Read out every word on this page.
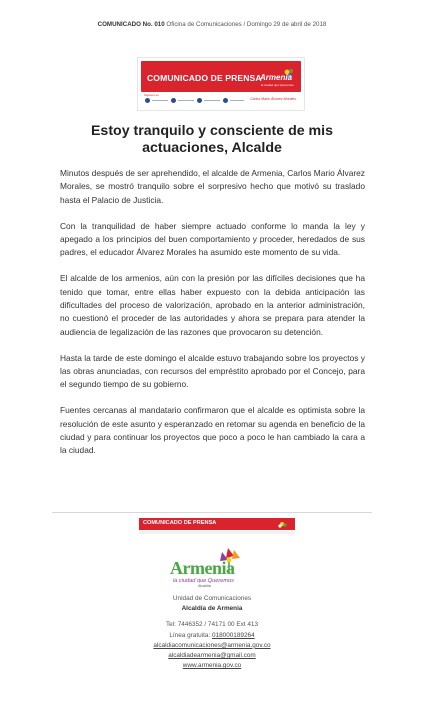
COMUNICADO No. 010 Oficina de Comunicaciones / Domingo 29 de abril de 2018
COMUNICADO DE PRENSA
Armenia
la ciudad que Queremos
Siganos en
Carlos Mario Álvarez Morales
Estoy tranquilo y consciente de mis actuaciones, Alcalde

Minutos después de ser aprehendido, el alcalde de Armenia, Carlos Mario Álvarez Morales, se mostró tranquilo sobre el sorpresivo hecho que motivó su traslado hasta el Palacio de Justicia.

Con la tranquilidad de haber siempre actuado conforme lo manda la ley y apegado a los principios del buen comportamiento y proceder, heredados de sus padres, el educador Álvarez Morales ha asumido este momento de su vida.

El alcalde de los armenios, aún con la presión por las difíciles decisiones que ha tenido que tomar, entre ellas haber expuesto con la debida anticipación las dificultades del proceso de valorización, aprobado en la anterior administración, no cuestionó el proceder de las autoridades y ahora se prepara para atender la audiencia de legalización de las razones que provocaron su detención.

Hasta la tarde de este domingo el alcalde estuvo trabajando sobre los proyectos y las obras anunciadas, con recursos del empréstito aprobado por el Concejo, para el segundo tiempo de su gobierno.

Fuentes cercanas al mandatario confirmaron que el alcalde es optimista sobre la resolución de este asunto y esperanzado en retomar su agenda en beneficio de la ciudad y para continuar los proyectos que poco a poco le han cambiado la cara a la ciudad.

COMUNICADO DE PRENSA
Armenia
la ciudad que Queremos
Alcaldía
Unidad de Comunicaciones
Alcaldía de Armenia
Tel: 7446352 / 74171 00 Ext 413
Línea gratuita: 018000189264
alcaldiacomunicaciones@armenia.gov.co
alcaldiadearmenia@gmail.com
www.armenia.gov.co
